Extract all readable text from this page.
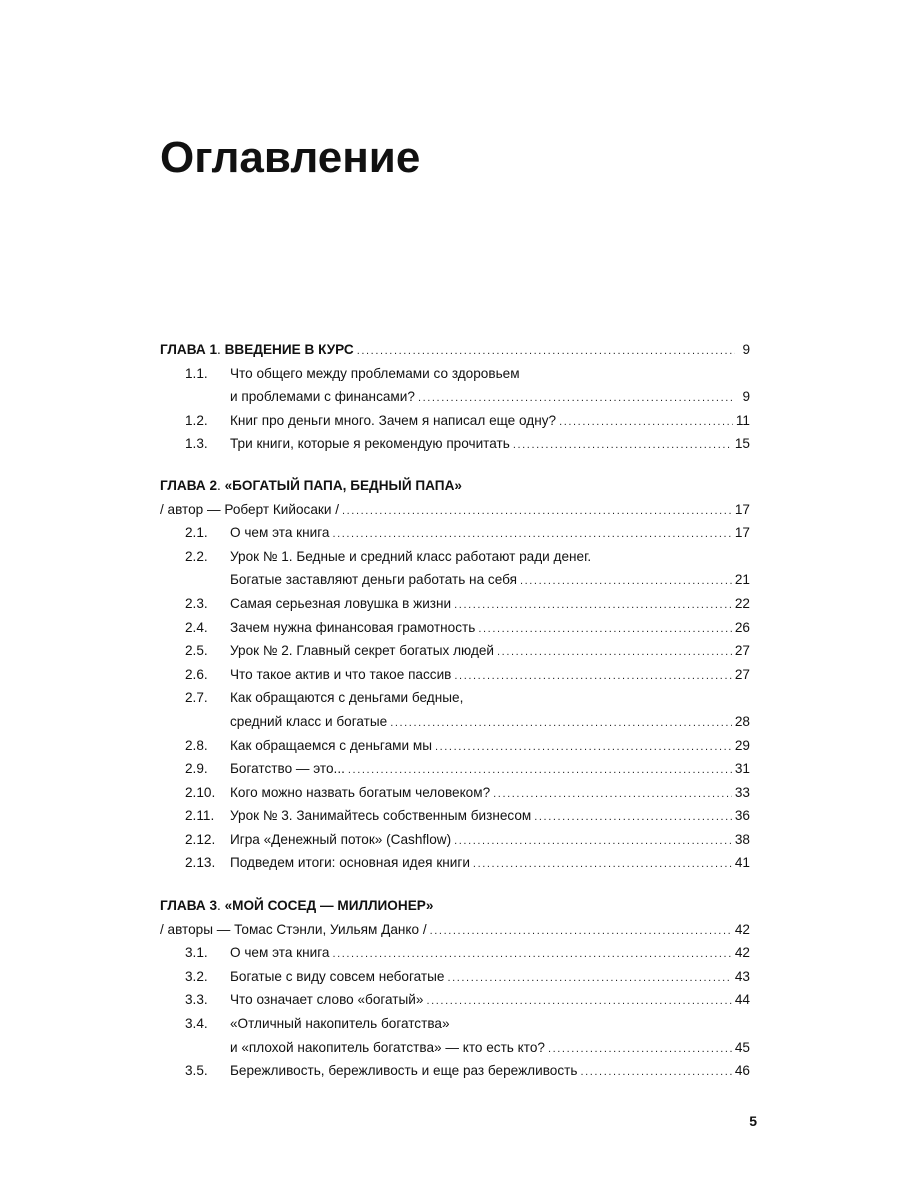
Оглавление
ГЛАВА 1. ВВЕДЕНИЕ В КУРС .....	9
1.1.	Что общего между проблемами со здоровьем
и проблемами с финансами? .....	9
1.2.	Книг про деньги много. Зачем я написал еще одну? .....	11
1.3.	Три книги, которые я рекомендую прочитать .....	15
ГЛАВА 2. «БОГАТЫЙ ПАПА, БЕДНЫЙ ПАПА»
/ автор — Роберт Кийосаки / .....	17
2.1.	О чем эта книга .....	17
2.2.	Урок № 1. Бедные и средний класс работают ради денег.
Богатые заставляют деньги работать на себя .....	21
2.3.	Самая серьезная ловушка в жизни .....	22
2.4.	Зачем нужна финансовая грамотность .....	26
2.5.	Урок № 2. Главный секрет богатых людей .....	27
2.6.	Что такое актив и что такое пассив .....	27
2.7.	Как обращаются с деньгами бедные,
средний класс и богатые .....	28
2.8.	Как обращаемся с деньгами мы .....	29
2.9.	Богатство — это... .....	31
2.10.	Кого можно назвать богатым человеком? .....	33
2.11.	Урок № 3. Занимайтесь собственным бизнесом .....	36
2.12.	Игра «Денежный поток» (Cashflow) .....	38
2.13.	Подведем итоги: основная идея книги .....	41
ГЛАВА 3. «МОЙ СОСЕД — МИЛЛИОНЕР»
/ авторы — Томас Стэнли, Уильям Данко / .....	42
3.1.	О чем эта книга .....	42
3.2.	Богатые с виду совсем небогатые .....	43
3.3.	Что означает слово «богатый» .....	44
3.4.	«Отличный накопитель богатства»
и «плохой накопитель богатства» — кто есть кто? .....	45
3.5.	Бережливость, бережливость и еще раз бережливость .....	46
5
